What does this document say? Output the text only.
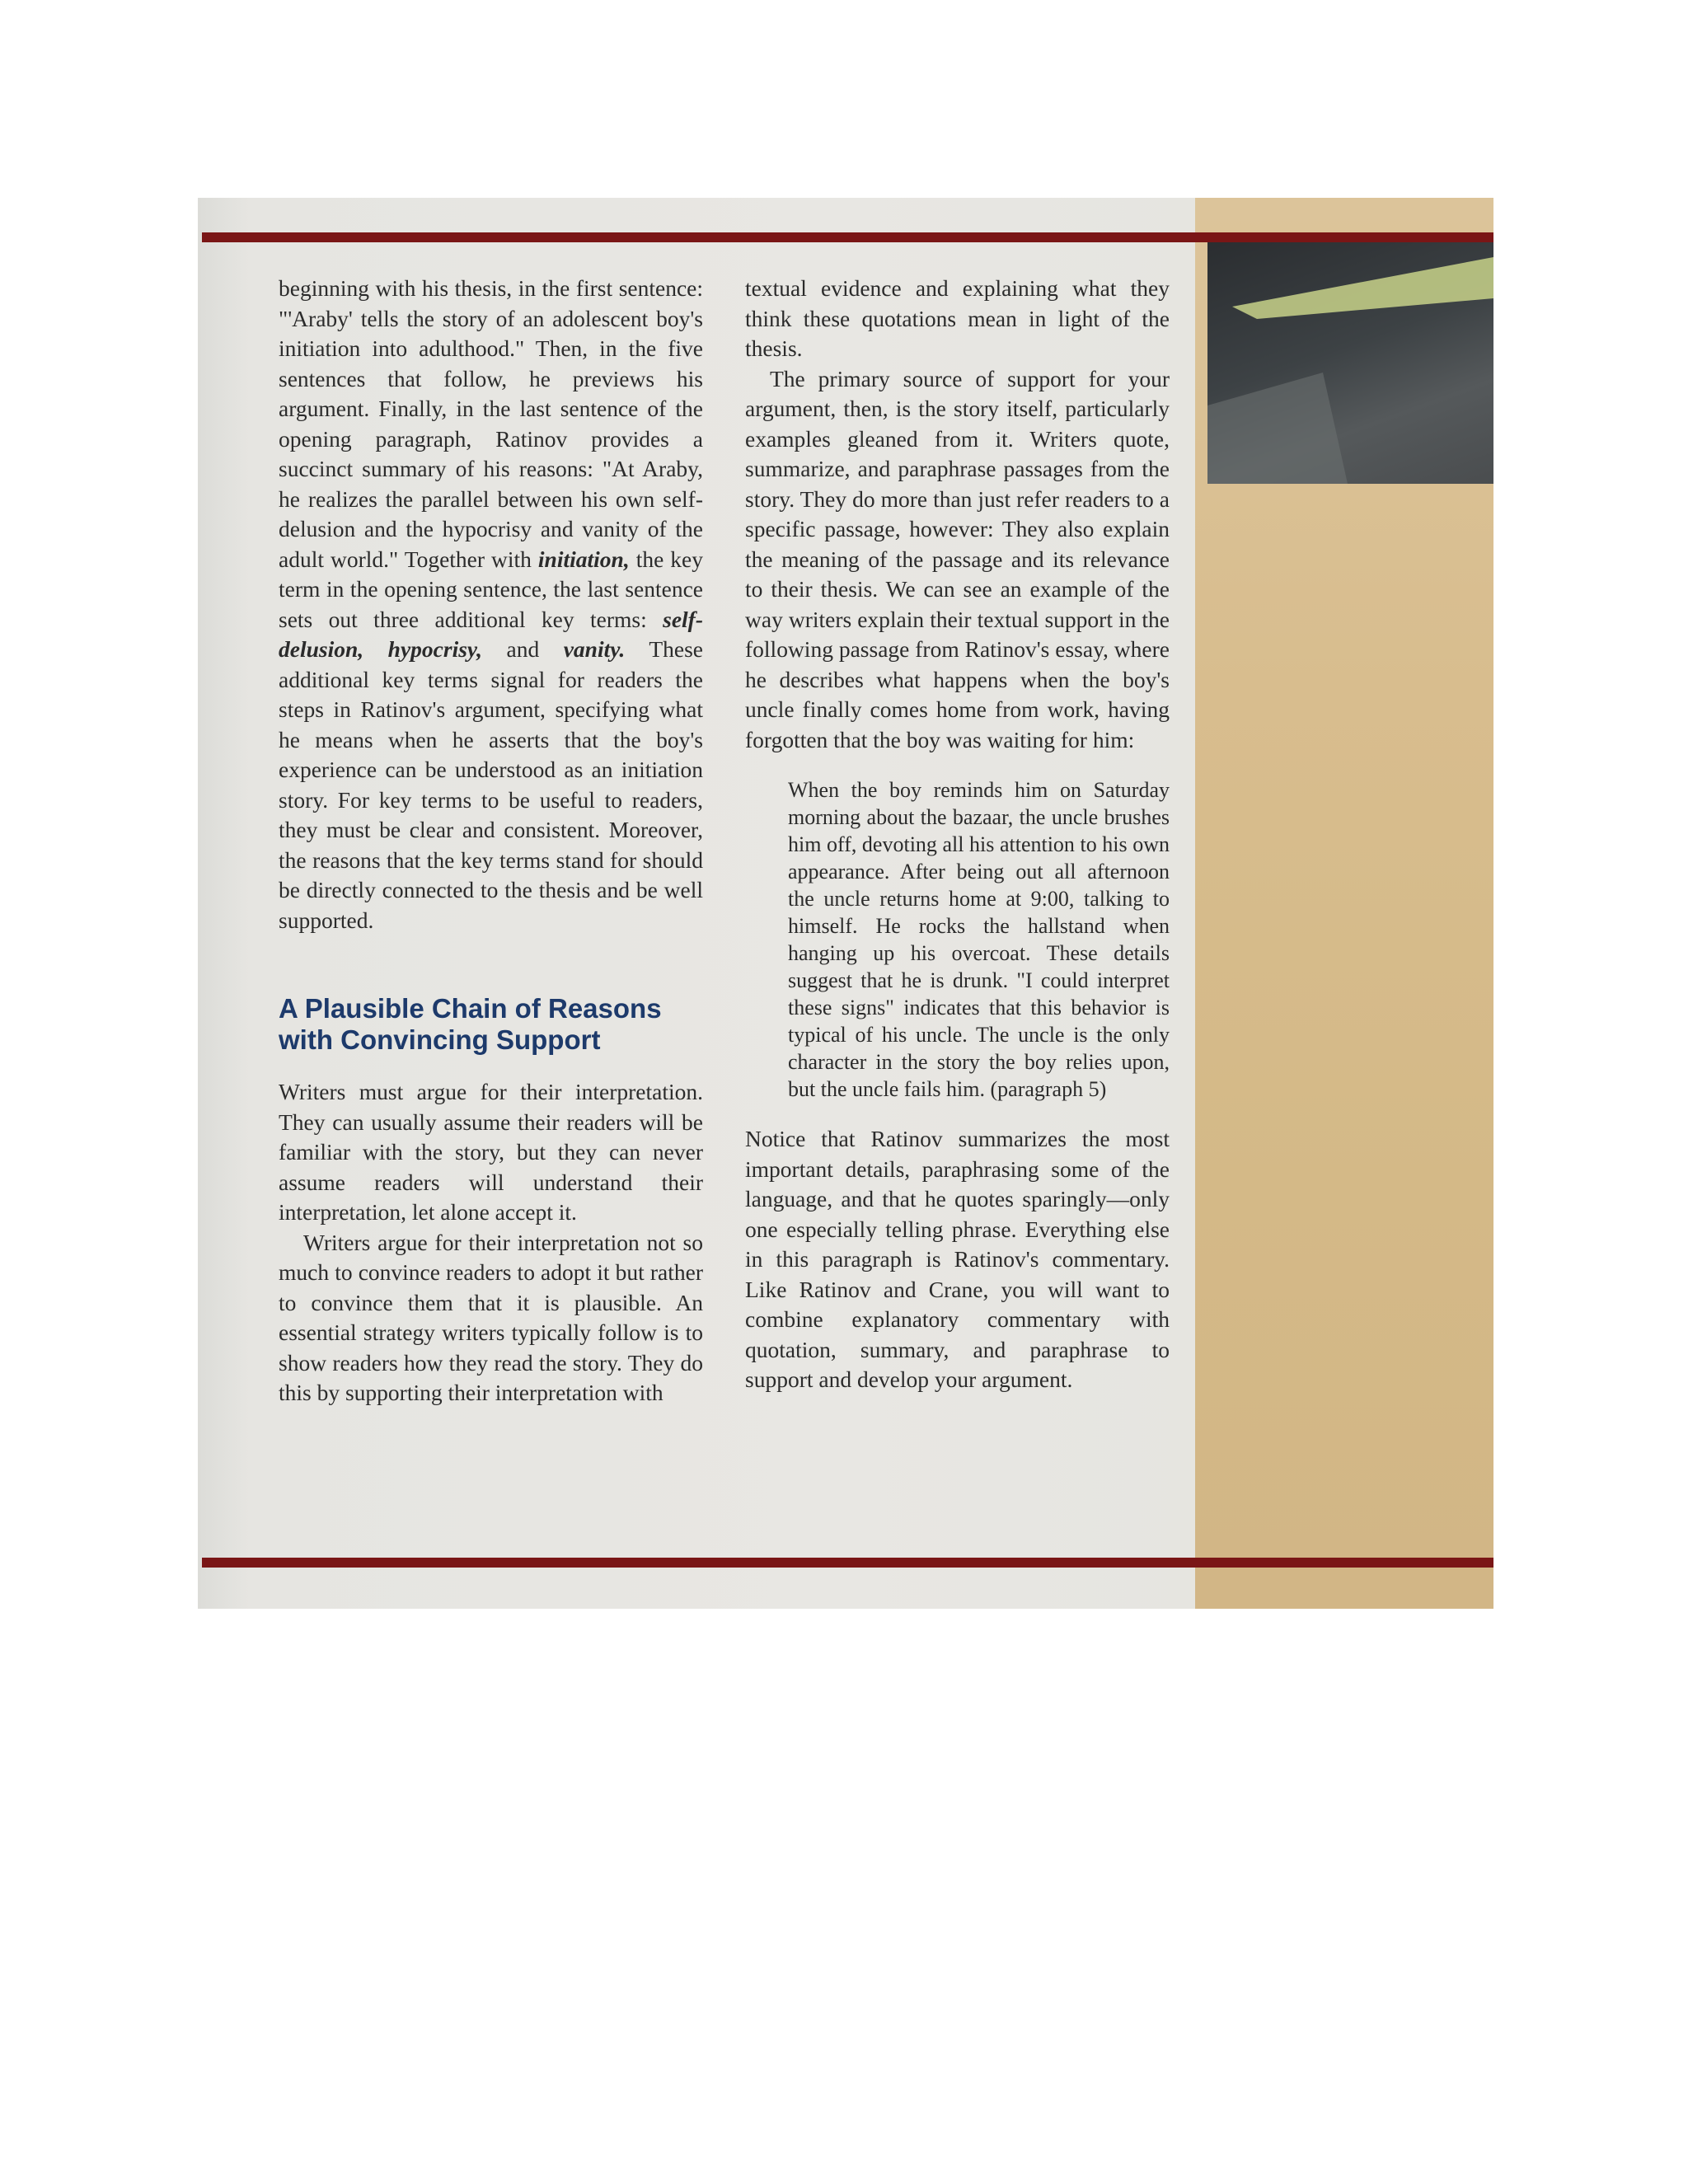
beginning with his thesis, in the first sentence: "'Araby' tells the story of an adolescent boy's initiation into adulthood." Then, in the five sentences that follow, he previews his argument. Finally, in the last sentence of the opening paragraph, Ratinov provides a succinct summary of his reasons: "At Araby, he realizes the parallel between his own self-delusion and the hypocrisy and vanity of the adult world." Together with initiation, the key term in the opening sentence, the last sentence sets out three additional key terms: self-delusion, hypocrisy, and vanity. These additional key terms signal for readers the steps in Ratinov's argument, specifying what he means when he asserts that the boy's experience can be understood as an initiation story. For key terms to be useful to readers, they must be clear and consistent. Moreover, the reasons that the key terms stand for should be directly connected to the thesis and be well supported.

A Plausible Chain of Reasons with Convincing Support

Writers must argue for their interpretation. They can usually assume their readers will be familiar with the story, but they can never assume readers will understand their interpretation, let alone accept it.

Writers argue for their interpretation not so much to convince readers to adopt it but rather to convince them that it is plausible. An essential strategy writers typically follow is to show readers how they read the story. They do this by supporting their interpretation with

textual evidence and explaining what they think these quotations mean in light of the thesis.

The primary source of support for your argument, then, is the story itself, particularly examples gleaned from it. Writers quote, summarize, and paraphrase passages from the story. They do more than just refer readers to a specific passage, however: They also explain the meaning of the passage and its relevance to their thesis. We can see an example of the way writers explain their textual support in the following passage from Ratinov's essay, where he describes what happens when the boy's uncle finally comes home from work, having forgotten that the boy was waiting for him:

When the boy reminds him on Saturday morning about the bazaar, the uncle brushes him off, devoting all his attention to his own appearance. After being out all afternoon the uncle returns home at 9:00, talking to himself. He rocks the hallstand when hanging up his overcoat. These details suggest that he is drunk. "I could interpret these signs" indicates that this behavior is typical of his uncle. The uncle is the only character in the story the boy relies upon, but the uncle fails him. (paragraph 5)

Notice that Ratinov summarizes the most important details, paraphrasing some of the language, and that he quotes sparingly—only one especially telling phrase. Everything else in this paragraph is Ratinov's commentary. Like Ratinov and Crane, you will want to combine explanatory commentary with quotation, summary, and paraphrase to support and develop your argument.
